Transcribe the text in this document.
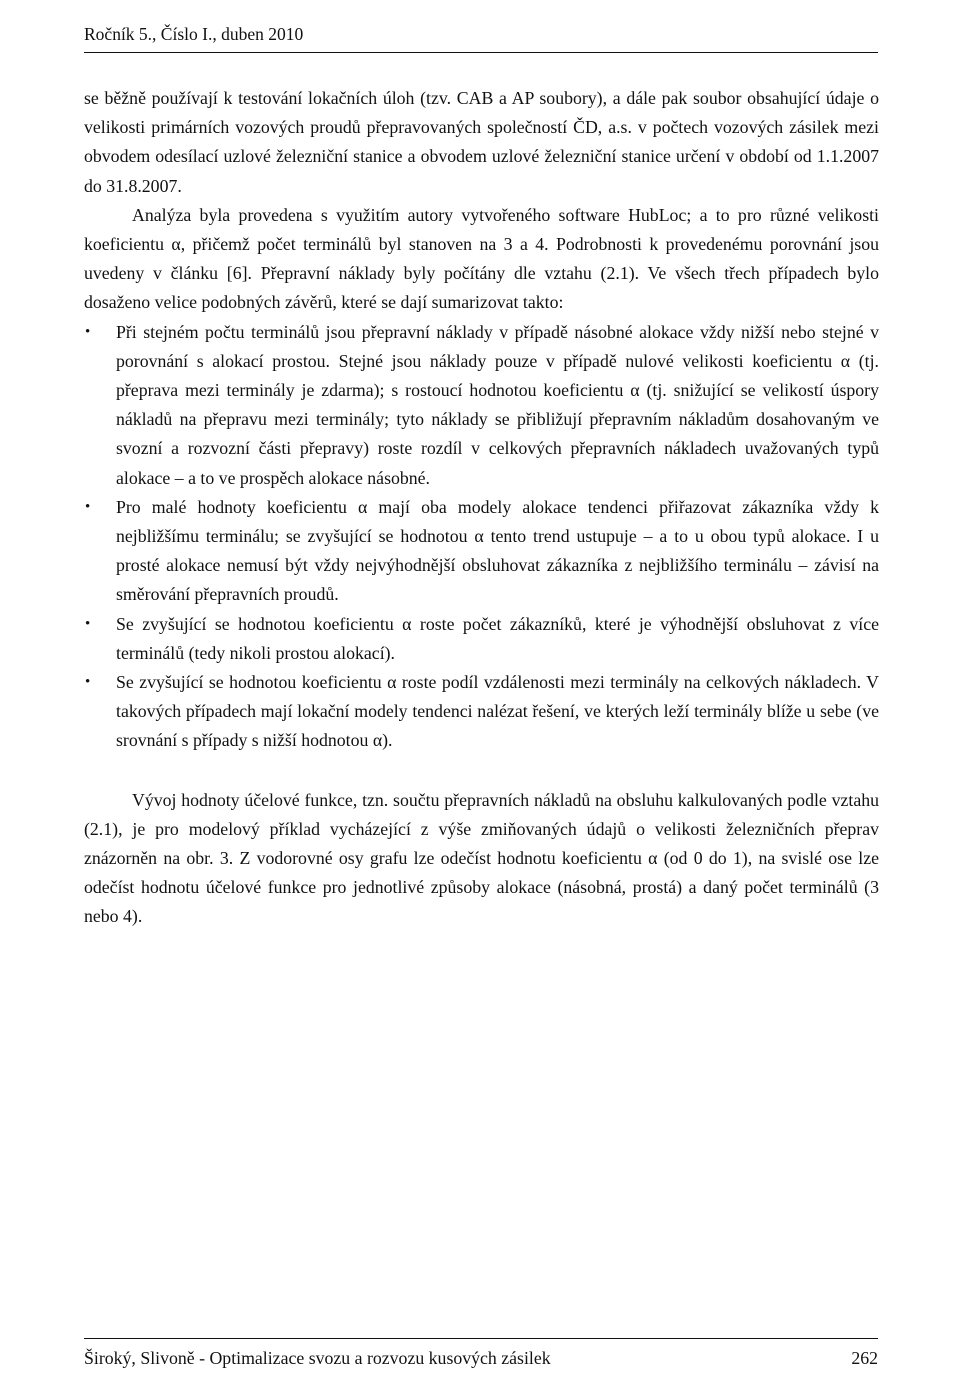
Ročník 5., Číslo I., duben 2010

se běžně používají k testování lokačních úloh (tzv. CAB a AP soubory), a dále pak soubor obsahující údaje o velikosti primárních vozových proudů přepravovaných společností ČD, a.s. v počtech vozových zásilek mezi obvodem odesílací uzlové železniční stanice a obvodem uzlové železniční stanice určení v období od 1.1.2007 do 31.8.2007.

Analýza byla provedena s využitím autory vytvořeného software HubLoc; a to pro různé velikosti koeficientu α, přičemž počet terminálů byl stanoven na 3 a 4. Podrobnosti k provedenému porovnání jsou uvedeny v článku [6]. Přepravní náklady byly počítány dle vztahu (2.1). Ve všech třech případech bylo dosaženo velice podobných závěrů, které se dají sumarizovat takto:

• Při stejném počtu terminálů jsou přepravní náklady v případě násobné alokace vždy nižší nebo stejné v porovnání s alokací prostou. Stejné jsou náklady pouze v případě nulové velikosti koeficientu α (tj. přeprava mezi terminály je zdarma); s rostoucí hodnotou koeficientu α (tj. snižující se velikostí úspory nákladů na přepravu mezi terminály; tyto náklady se přibližují přepravním nákladům dosahovaným ve svozní a rozvozní části přepravy) roste rozdíl v celkových přepravních nákladech uvažovaných typů alokace – a to ve prospěch alokace násobné.
• Pro malé hodnoty koeficientu α mají oba modely alokace tendenci přiřazovat zákazníka vždy k nejbližšímu terminálu; se zvyšující se hodnotou α tento trend ustupuje – a to u obou typů alokace. I u prosté alokace nemusí být vždy nejvýhodnější obsluhovat zákazníka z nejbližšího terminálu – závisí na směrování přepravních proudů.
• Se zvyšující se hodnotou koeficientu α roste počet zákazníků, které je výhodnější obsluhovat z více terminálů (tedy nikoli prostou alokací).
• Se zvyšující se hodnotou koeficientu α roste podíl vzdálenosti mezi terminály na celkových nákladech. V takových případech mají lokační modely tendenci nalézat řešení, ve kterých leží terminály blíže u sebe (ve srovnání s případy s nižší hodnotou α).

Vývoj hodnoty účelové funkce, tzn. součtu přepravních nákladů na obsluhu kalkulovaných podle vztahu (2.1), je pro modelový příklad vycházející z výše zmiňovaných údajů o velikosti železničních přeprav znázorněn na obr. 3. Z vodorovné osy grafu lze odečíst hodnotu koeficientu α (od 0 do 1), na svislé ose lze odečíst hodnotu účelové funkce pro jednotlivé způsoby alokace (násobná, prostá) a daný počet terminálů (3 nebo 4).

Široký, Slivoně - Optimalizace svozu a rozvozu kusových zásilek	262
